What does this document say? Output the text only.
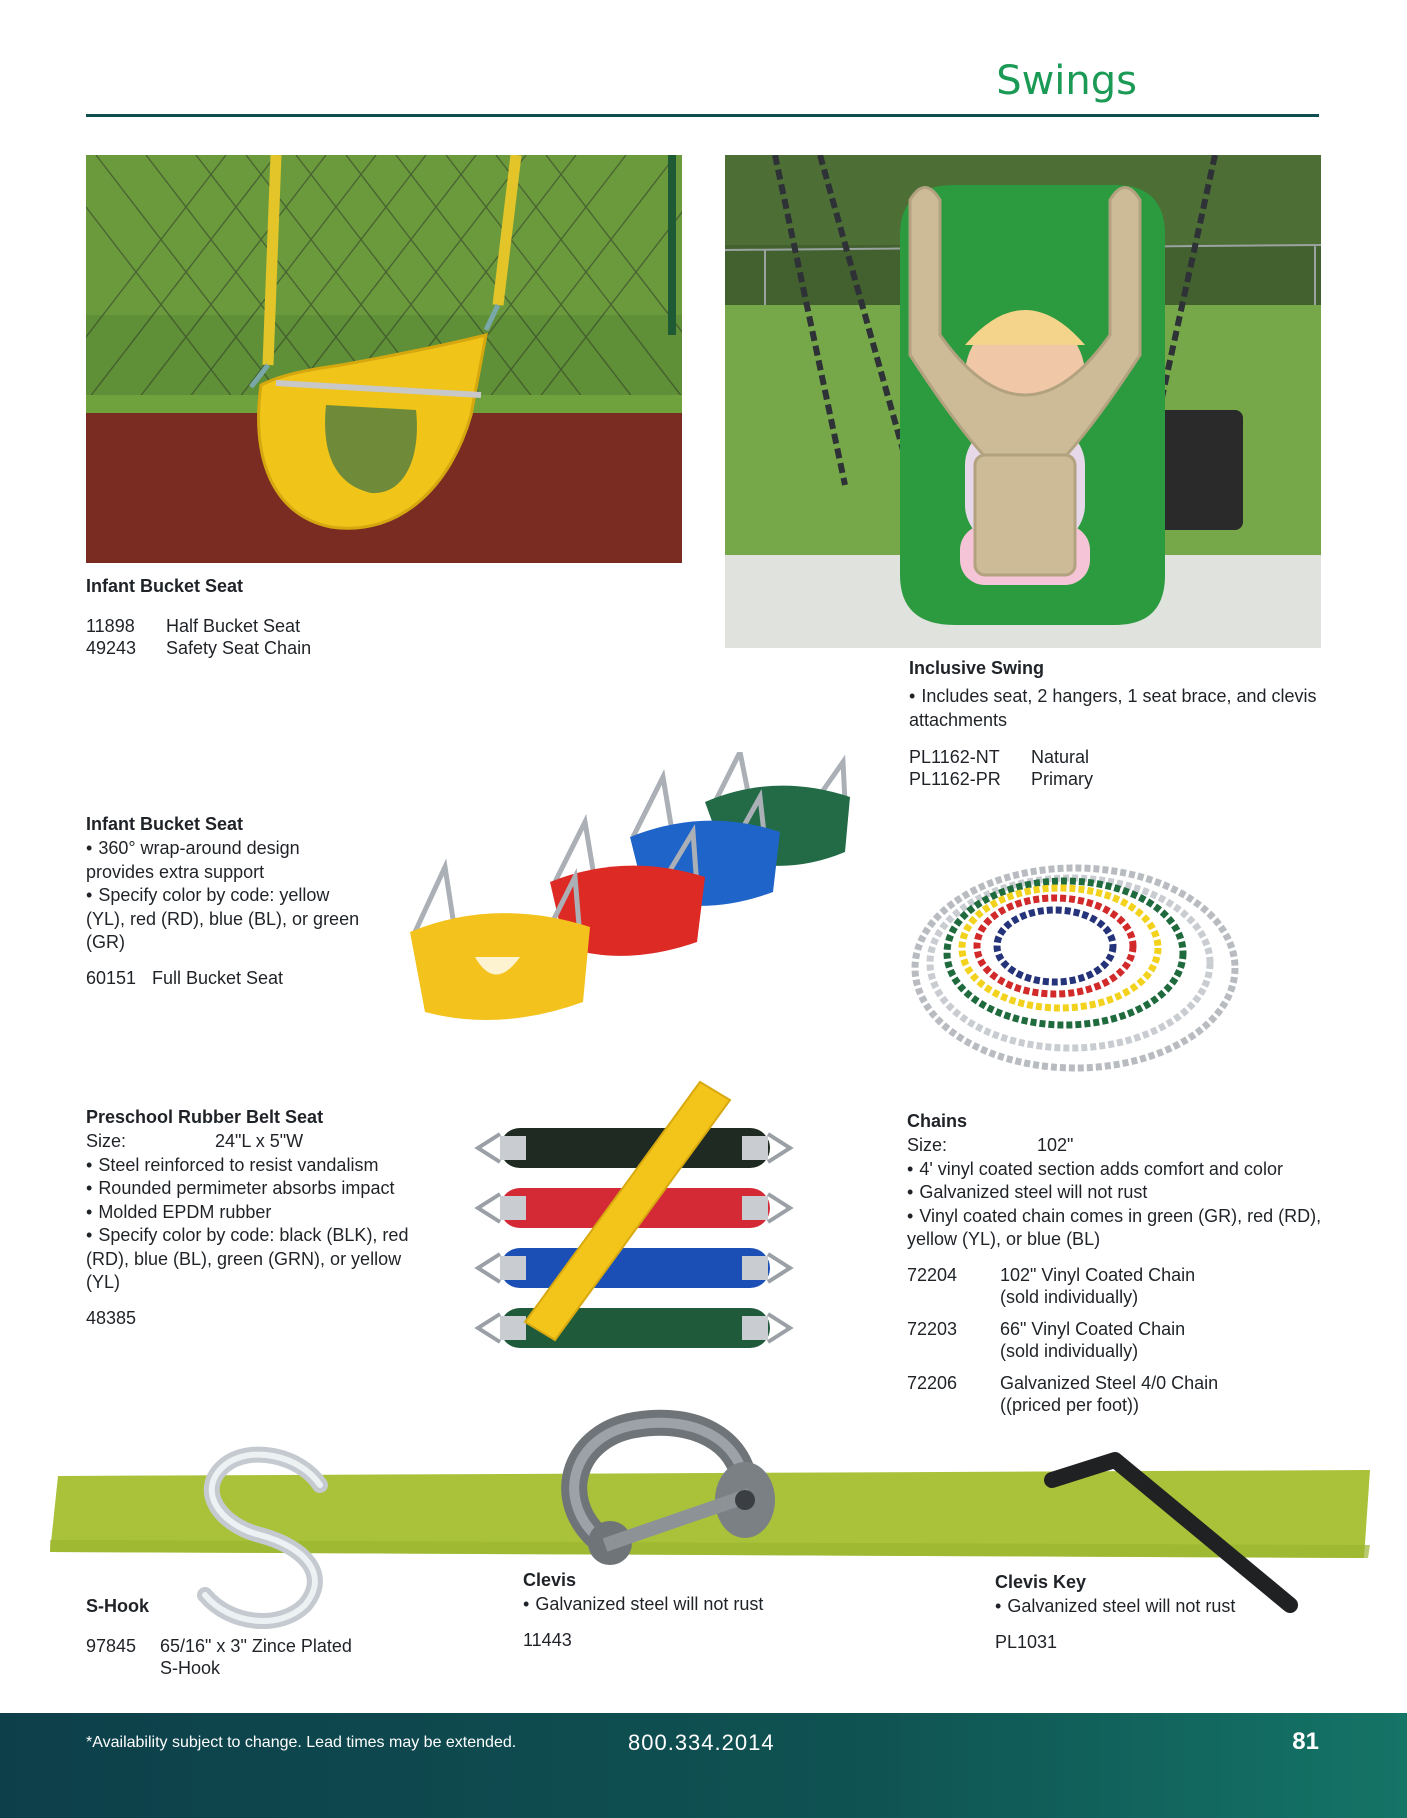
Swings
Infant Bucket Seat
11898	Half Bucket Seat
49243	Safety Seat Chain
Inclusive Swing
• Includes seat, 2 hangers, 1 seat brace, and clevis attachments
PL1162-NT	Natural
PL1162-PR	Primary
Infant Bucket Seat
• 360° wrap-around design provides extra support
• Specify color by code: yellow (YL), red (RD), blue (BL), or green (GR)
60151 Full Bucket Seat
Preschool Rubber Belt Seat
Size:	24"L x 5"W
• Steel reinforced to resist vandalism
• Rounded permimeter absorbs impact
• Molded EPDM rubber
• Specify color by code: black (BLK), red (RD), blue (BL), green (GRN), or yellow (YL)
48385
Chains
Size:	102"
• 4' vinyl coated section adds comfort and color
• Galvanized steel will not rust
• Vinyl coated chain comes in green (GR), red (RD), yellow (YL), or blue (BL)
72204	102" Vinyl Coated Chain
(sold individually)
72203	66" Vinyl Coated Chain
(sold individually)
72206	Galvanized Steel 4/0 Chain
((priced per foot))
S-Hook
97845	65/16" x 3" Zince Plated
S-Hook
Clevis
• Galvanized steel will not rust
11443
Clevis Key
• Galvanized steel will not rust
PL1031
*Availability subject to change. Lead times may be extended.	800.334.2014	81
